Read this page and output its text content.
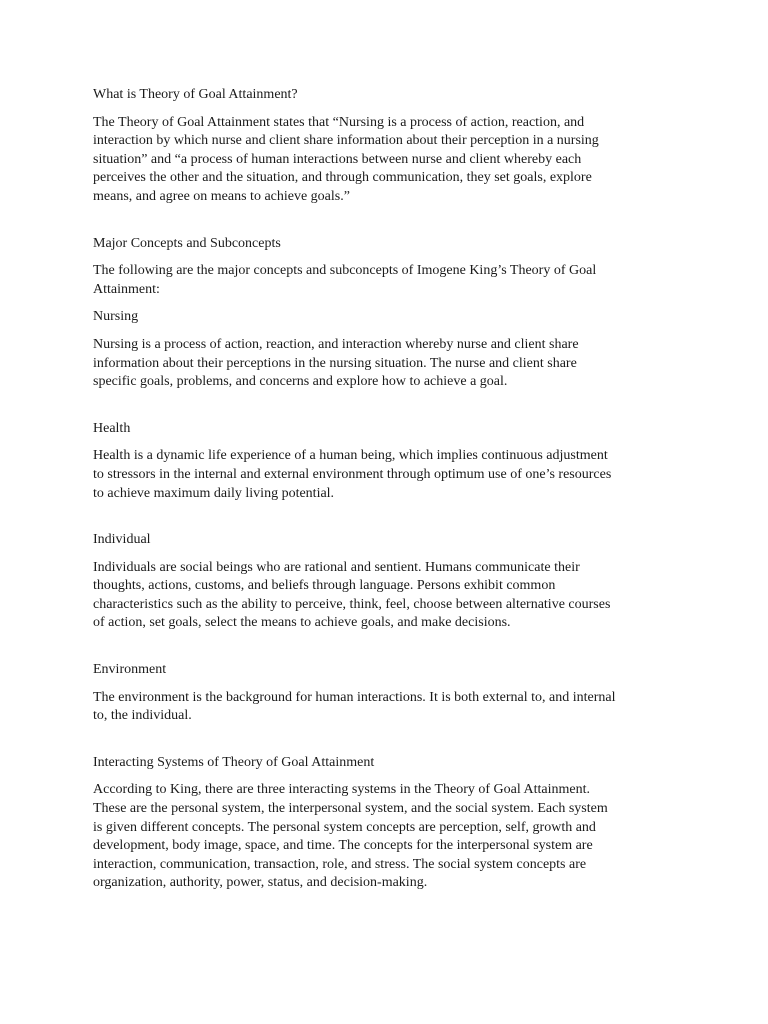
What is Theory of Goal Attainment?
The Theory of Goal Attainment states that “Nursing is a process of action, reaction, and
interaction by which nurse and client share information about their perception in a nursing
situation” and “a process of human interactions between nurse and client whereby each
perceives the other and the situation, and through communication, they set goals, explore
means, and agree on means to achieve goals.”
Major Concepts and Subconcepts
The following are the major concepts and subconcepts of Imogene King’s Theory of Goal
Attainment:
Nursing
Nursing is a process of action, reaction, and interaction whereby nurse and client share
information about their perceptions in the nursing situation. The nurse and client share
specific goals, problems, and concerns and explore how to achieve a goal.
Health
Health is a dynamic life experience of a human being, which implies continuous adjustment
to stressors in the internal and external environment through optimum use of one’s resources
to achieve maximum daily living potential.
Individual
Individuals are social beings who are rational and sentient. Humans communicate their
thoughts, actions, customs, and beliefs through language. Persons exhibit common
characteristics such as the ability to perceive, think, feel, choose between alternative courses
of action, set goals, select the means to achieve goals, and make decisions.
Environment
The environment is the background for human interactions. It is both external to, and internal
to, the individual.
Interacting Systems of Theory of Goal Attainment
According to King, there are three interacting systems in the Theory of Goal Attainment.
These are the personal system, the interpersonal system, and the social system. Each system
is given different concepts. The personal system concepts are perception, self, growth and
development, body image, space, and time. The concepts for the interpersonal system are
interaction, communication, transaction, role, and stress. The social system concepts are
organization, authority, power, status, and decision-making.
